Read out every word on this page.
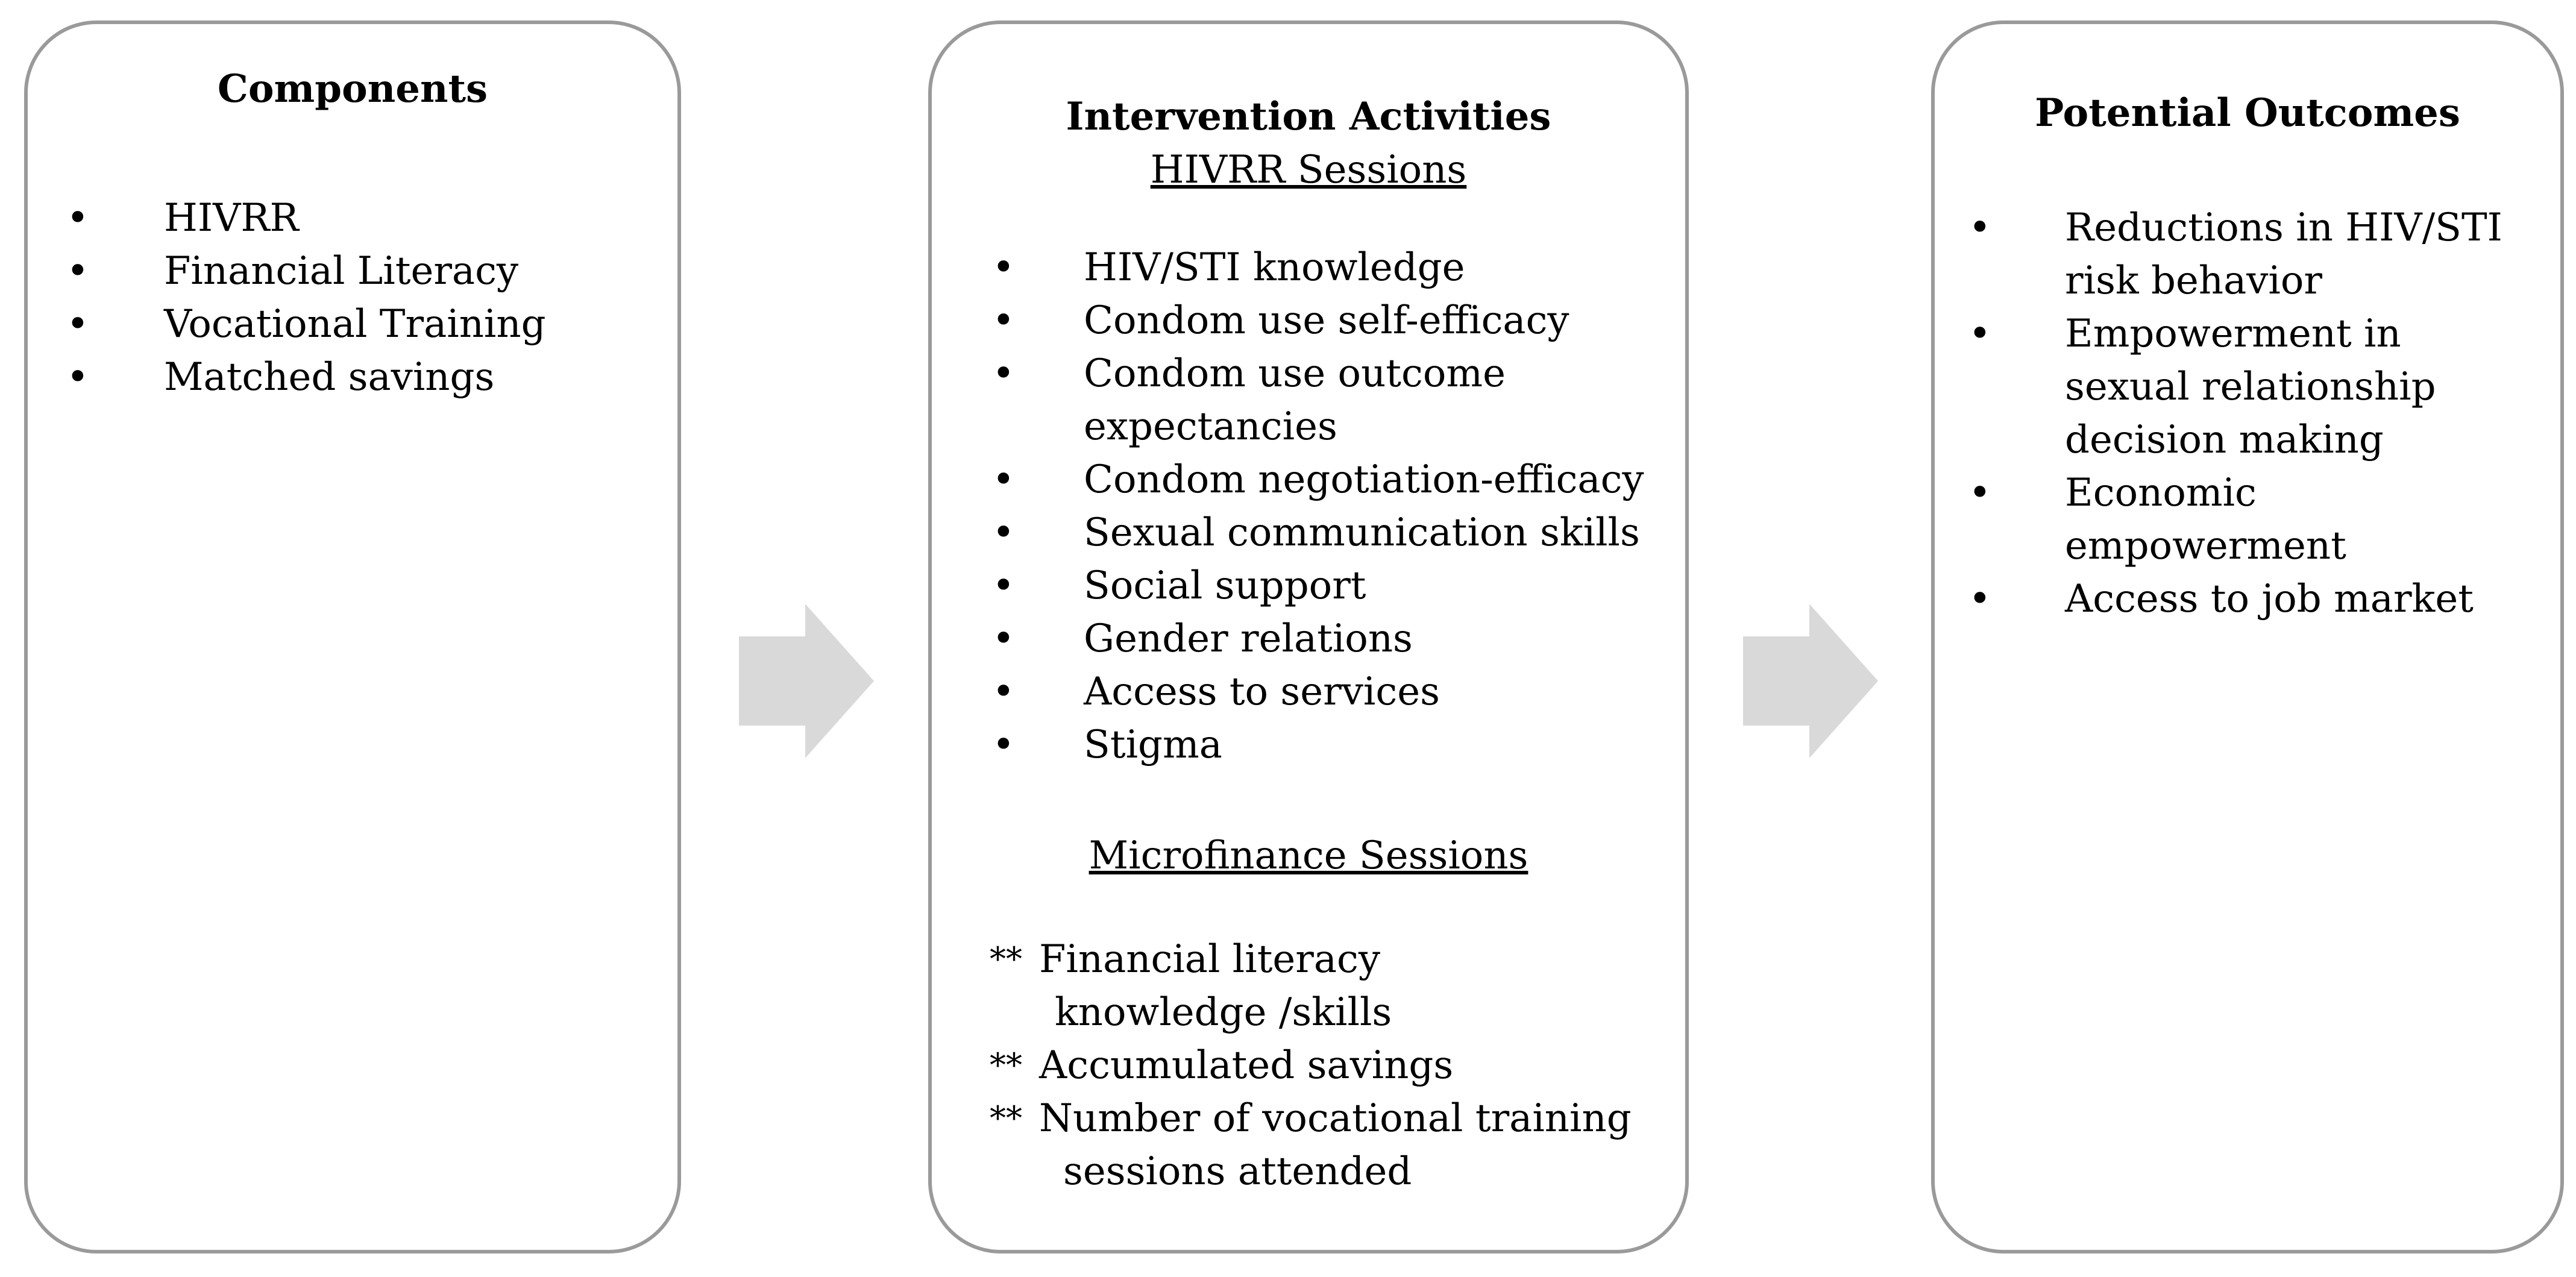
Components
• HIVRR
• Financial Literacy
• Vocational Training
• Matched savings
Intervention Activities
HIVRR Sessions
• HIV/STI knowledge
• Condom use self-efficacy
• Condom use outcome expectancies
• Condom negotiation-efficacy
• Sexual communication skills
• Social support
• Gender relations
• Access to services
• Stigma
Microfinance Sessions
** Financial literacy
knowledge /skills
** Accumulated savings
** Number of vocational training
sessions attended
Potential Outcomes
• Reductions in HIV/STI risk behavior
• Empowerment in sexual relationship decision making
• Economic empowerment
• Access to job market
